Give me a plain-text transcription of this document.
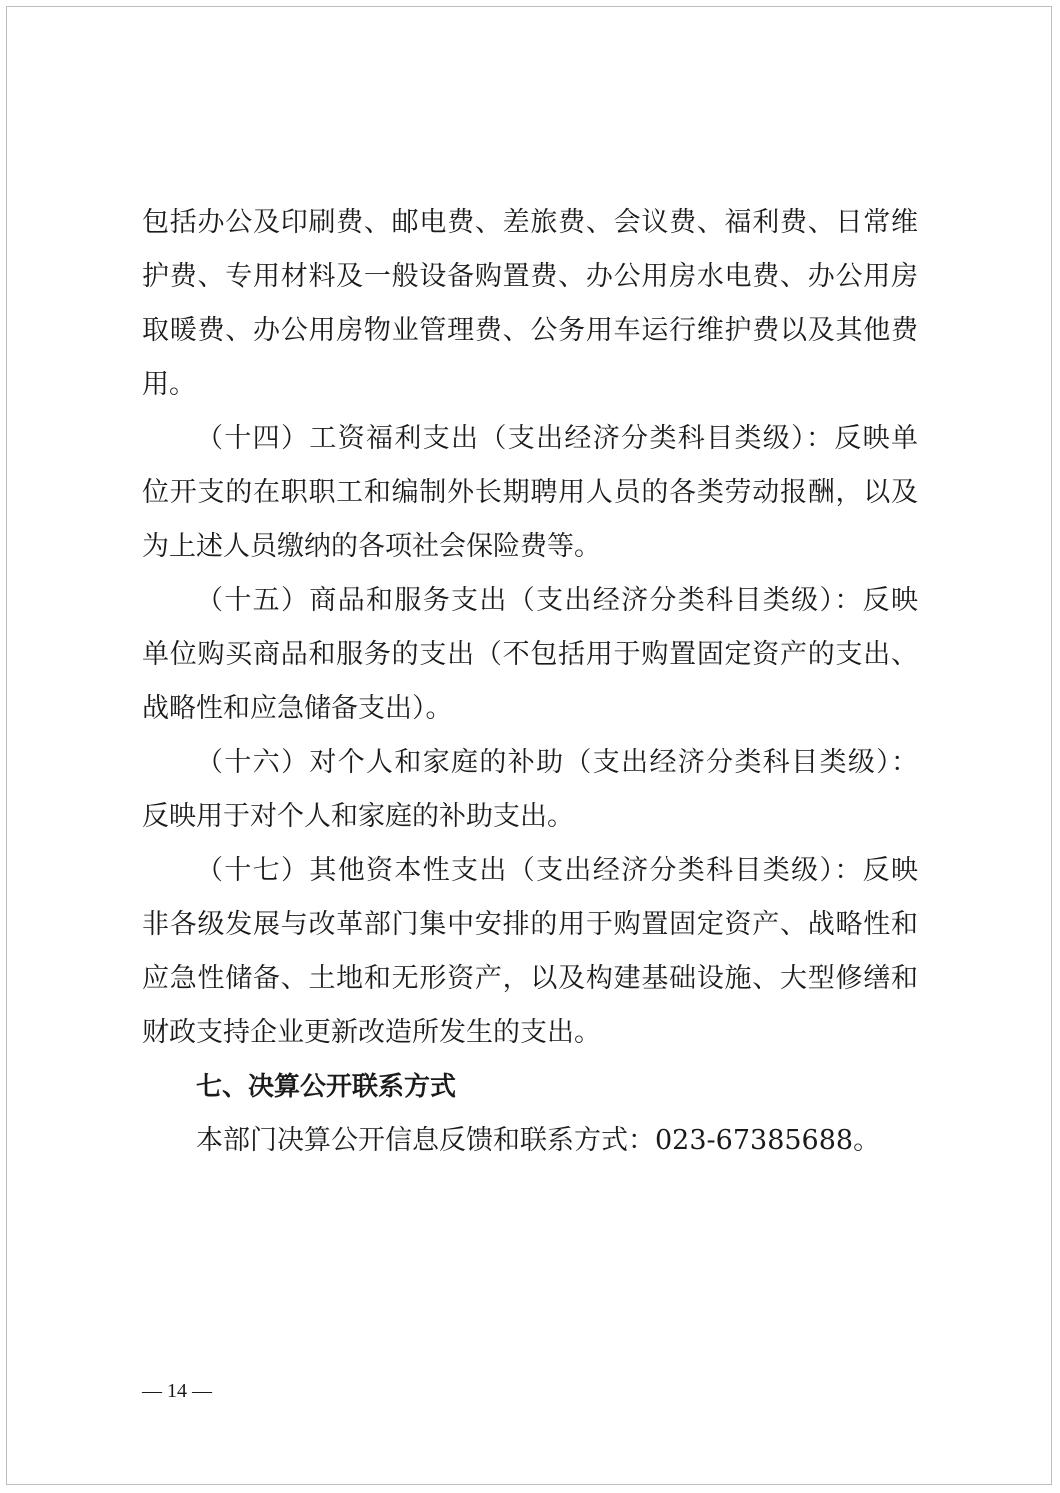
包括办公及印刷费、邮电费、差旅费、会议费、福利费、日常维
护费、专用材料及一般设备购置费、办公用房水电费、办公用房
取暖费、办公用房物业管理费、公务用车运行维护费以及其他费
用。
（十四）工资福利支出（支出经济分类科目类级）：反映单
位开支的在职职工和编制外长期聘用人员的各类劳动报酬，以及
为上述人员缴纳的各项社会保险费等。
（十五）商品和服务支出（支出经济分类科目类级）：反映
单位购买商品和服务的支出（不包括用于购置固定资产的支出、
战略性和应急储备支出）。
（十六）对个人和家庭的补助（支出经济分类科目类级）：
反映用于对个人和家庭的补助支出。
（十七）其他资本性支出（支出经济分类科目类级）：反映
非各级发展与改革部门集中安排的用于购置固定资产、战略性和
应急性储备、土地和无形资产，以及构建基础设施、大型修缮和
财政支持企业更新改造所发生的支出。
七、决算公开联系方式
本部门决算公开信息反馈和联系方式：023-67385688。
— 14 —
